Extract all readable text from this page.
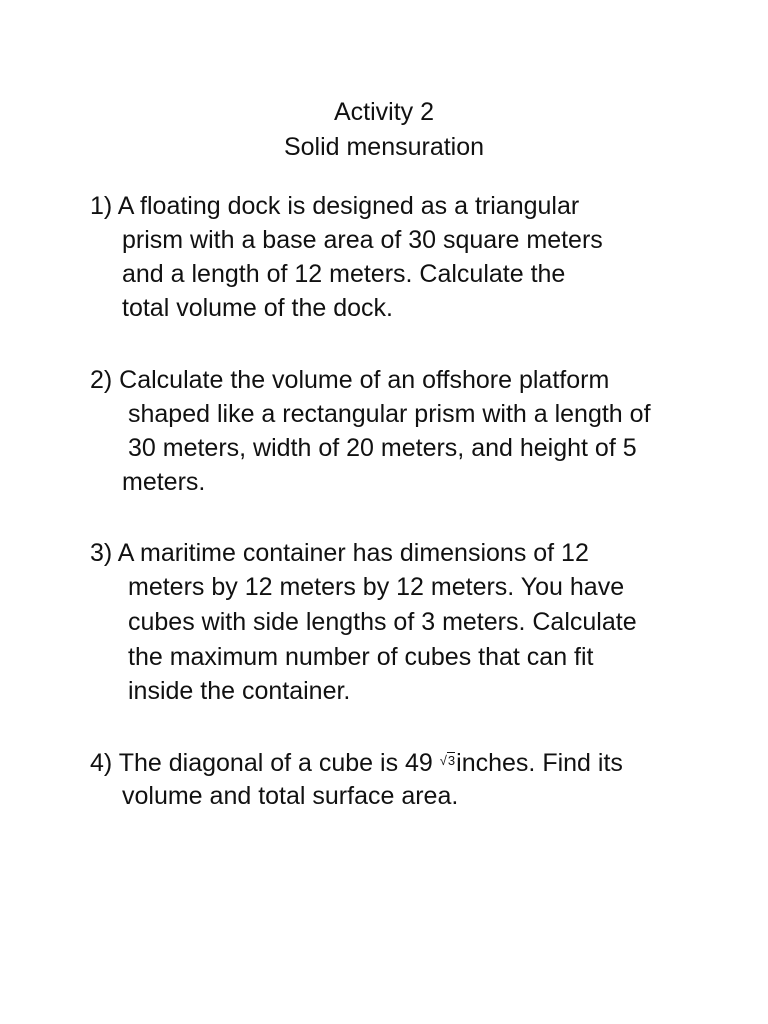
Activity 2
Solid mensuration
1) A floating dock is designed as a triangular
prism with a base area of 30 square meters
and a length of 12 meters. Calculate the
total volume of the dock.
2) Calculate the volume of an offshore platform
shaped like a rectangular prism with a length of
30 meters, width of 20 meters, and height of 5
meters.
3) A maritime container has dimensions of 12
meters by 12 meters by 12 meters. You have
cubes with side lengths of 3 meters. Calculate
the maximum number of cubes that can fit
inside the container.
4) The diagonal of a cube is 49 √3inches. Find its
volume and total surface area.
